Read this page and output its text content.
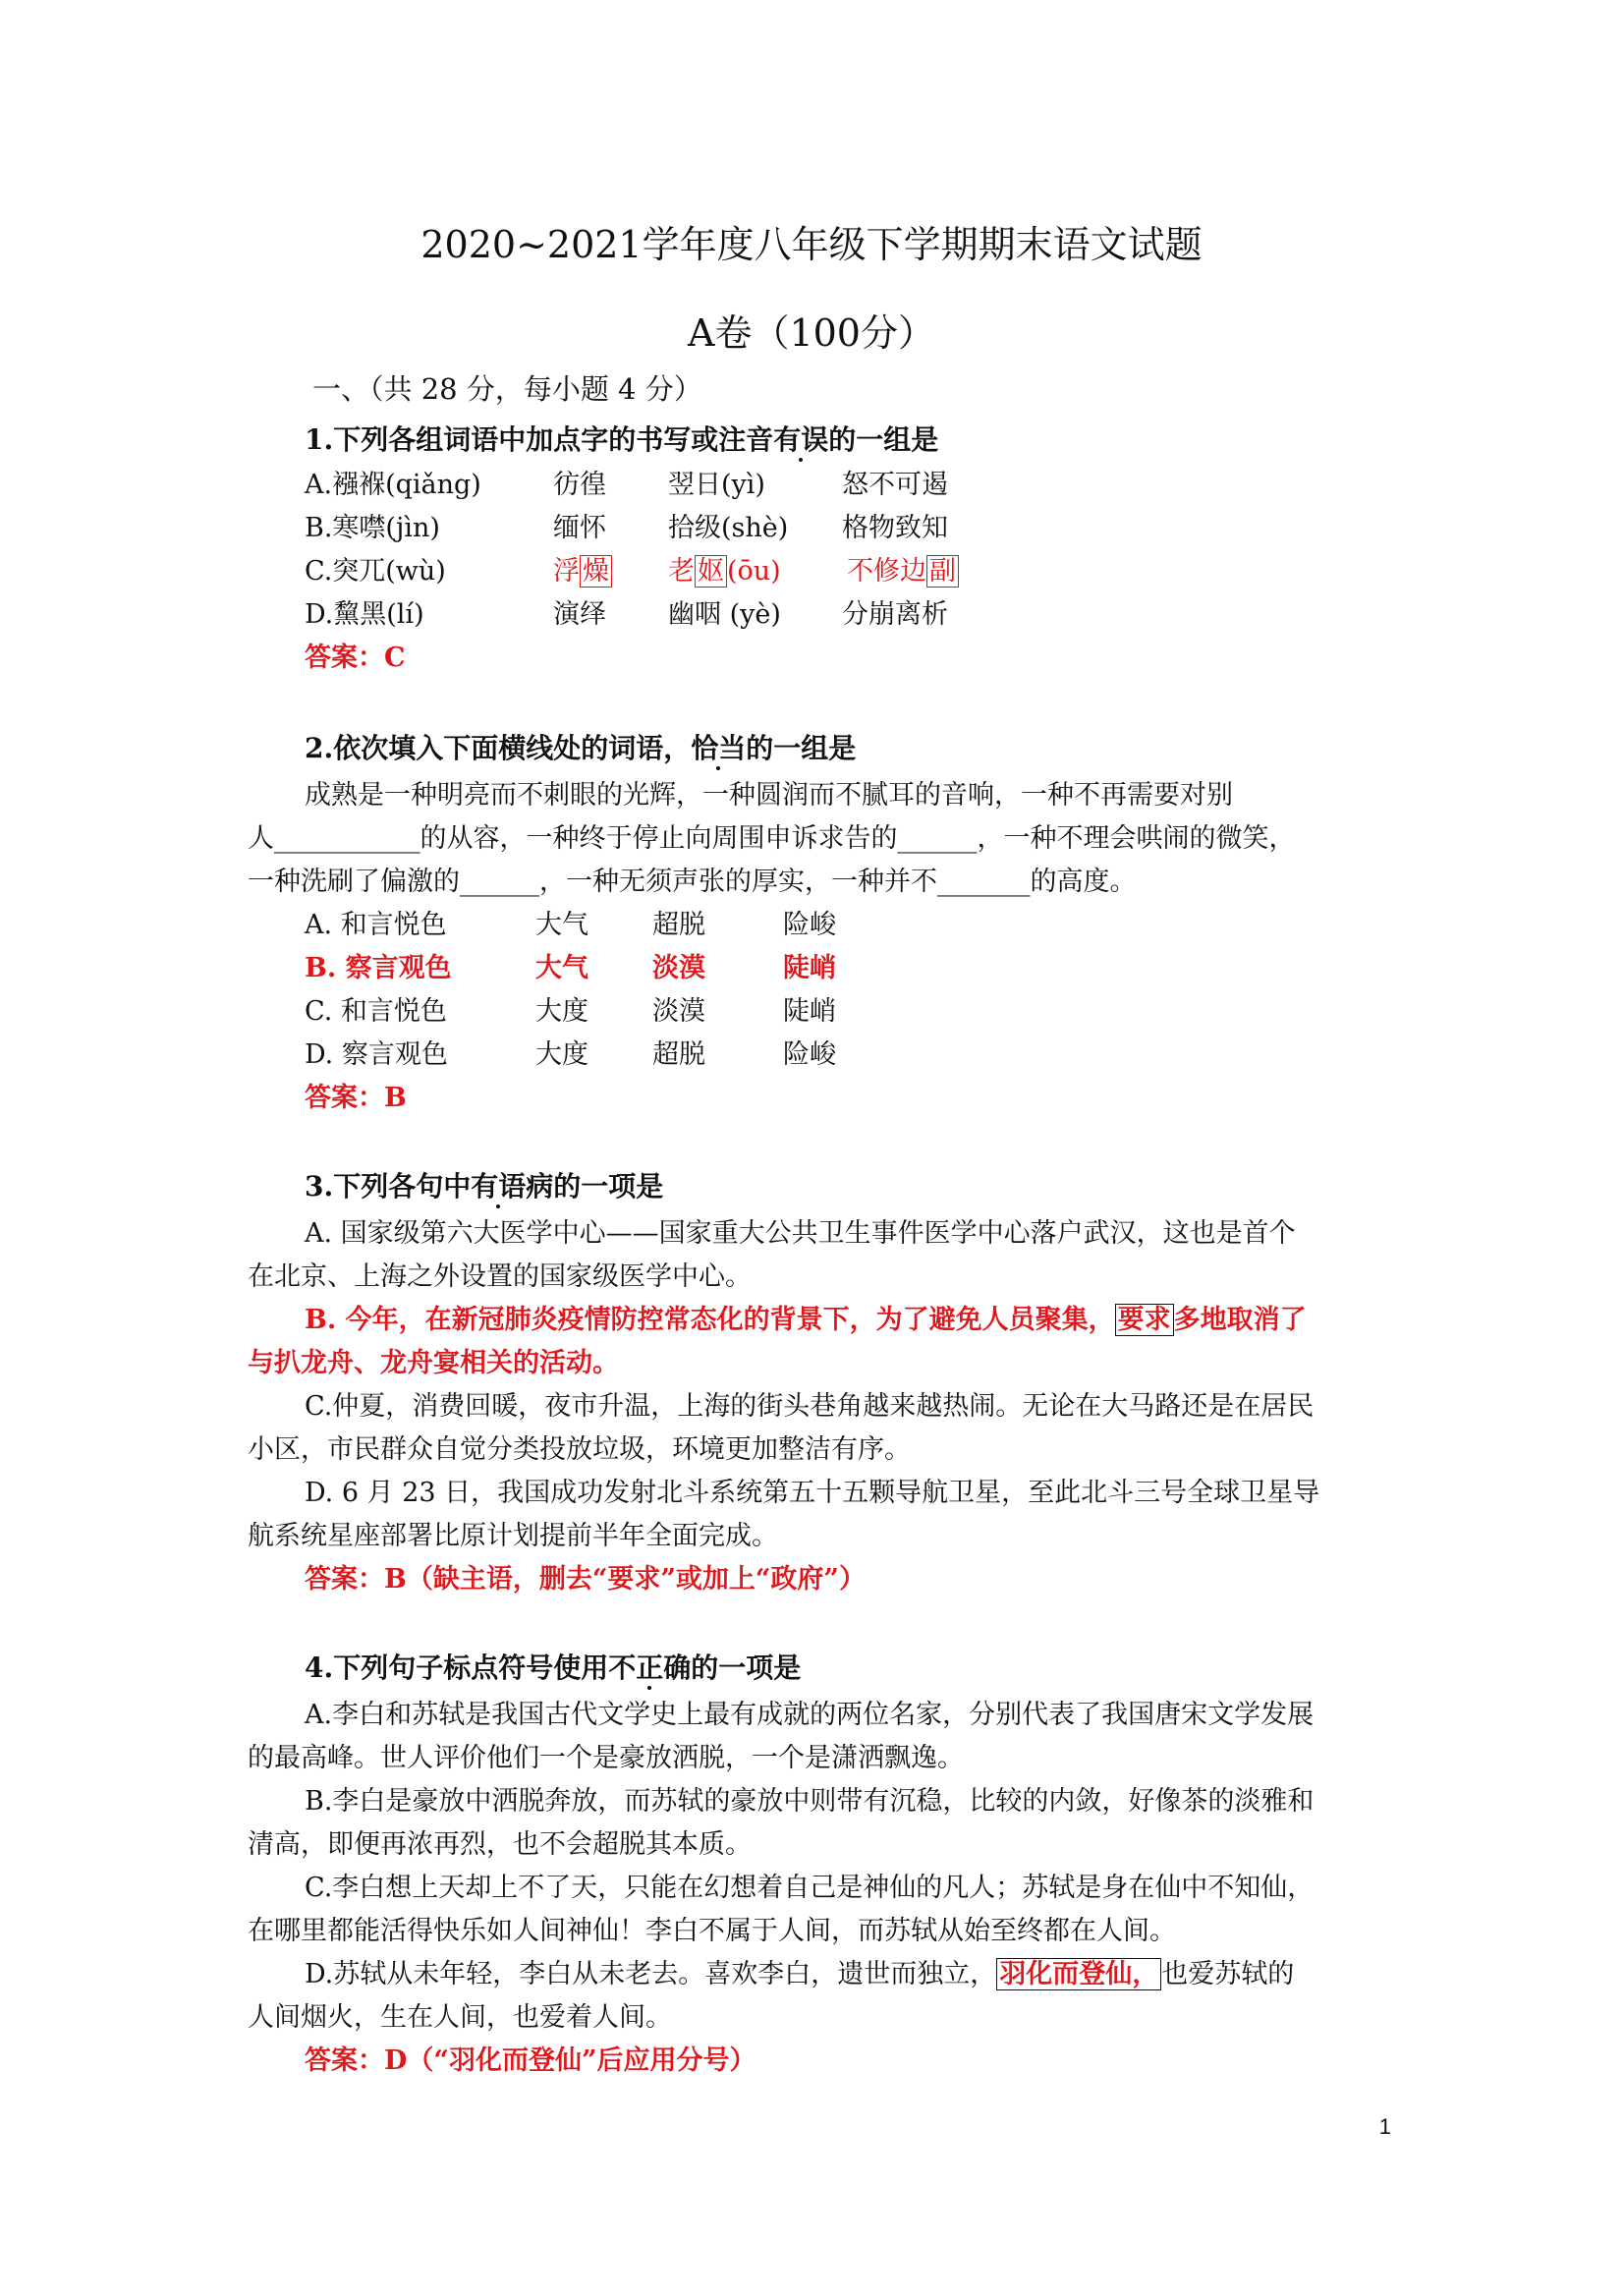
2020~2021学年度八年级下学期期末语文试题
A卷（100分）
一、（共 28 分，每小题 4 分）
1.下列各组词语中加点字的书写或注音有误的一组是
A.襁褓(qiǎng)	彷徨 翌日(yì)	怒不可遏
B.寒噤(jìn)	缅怀 拾级(shè) 格物致知
C.突兀(wù)	浮 燥 老 妪 (ōu) 不修边 副
D.黧黑(lí)	演绎 幽咽 (yè) 分崩离析
答案：C
2.依次填入下面横线处的词语，恰当的一组是
成熟是一种明亮而不刺眼的光辉，一种圆润而不腻耳的音响，一种不再需要对别
人___________的从容，一种终于停止向周围申诉求告的______，一种不理会哄闹的微笑，
一种洗刷了偏激的______，一种无须声张的厚实，一种并不_______的高度。
A. 和言悦色	大气 超脱	险峻
B. 察言观色	大气 淡漠	陡峭
C. 和言悦色	大度 淡漠	陡峭
D. 察言观色	大度 超脱	险峻
答案：B
3.下列各句中有语病的一项是
A. 国家级第六大医学中心——国家重大公共卫生事件医学中心落户武汉，这也是首个
在北京、上海之外设置的国家级医学中心。
B. 今年，在新冠肺炎疫情防控常态化的背景下，为了避免人员聚集， 要求 多地取消了
与扒龙舟、龙舟宴相关的活动。
C.仲夏，消费回暖，夜市升温，上海的街头巷角越来越热闹。无论在大马路还是在居民
小区，市民群众自觉分类投放垃圾，环境更加整洁有序。
D. 6 月 23 日，我国成功发射北斗系统第五十五颗导航卫星，至此北斗三号全球卫星导
航系统星座部署比原计划提前半年全面完成。
答案：B（缺主语，删去“要求”或加上“政府”）
4.下列句子标点符号使用不正确的一项是
A.李白和苏轼是我国古代文学史上最有成就的两位名家，分别代表了我国唐宋文学发展
的最高峰。世人评价他们一个是豪放洒脱，一个是潇洒飘逸。
B.李白是豪放中洒脱奔放，而苏轼的豪放中则带有沉稳，比较的内敛，好像茶的淡雅和
清高，即便再浓再烈，也不会超脱其本质。
C.李白想上天却上不了天，只能在幻想着自己是神仙的凡人；苏轼是身在仙中不知仙，
在哪里都能活得快乐如人间神仙！李白不属于人间，而苏轼从始至终都在人间。
D.苏轼从未年轻，李白从未老去。喜欢李白，遗世而独立， 羽化而登仙， 也爱苏轼的
人间烟火，生在人间，也爱着人间。
答案：D（“羽化而登仙”后应用分号）
1
